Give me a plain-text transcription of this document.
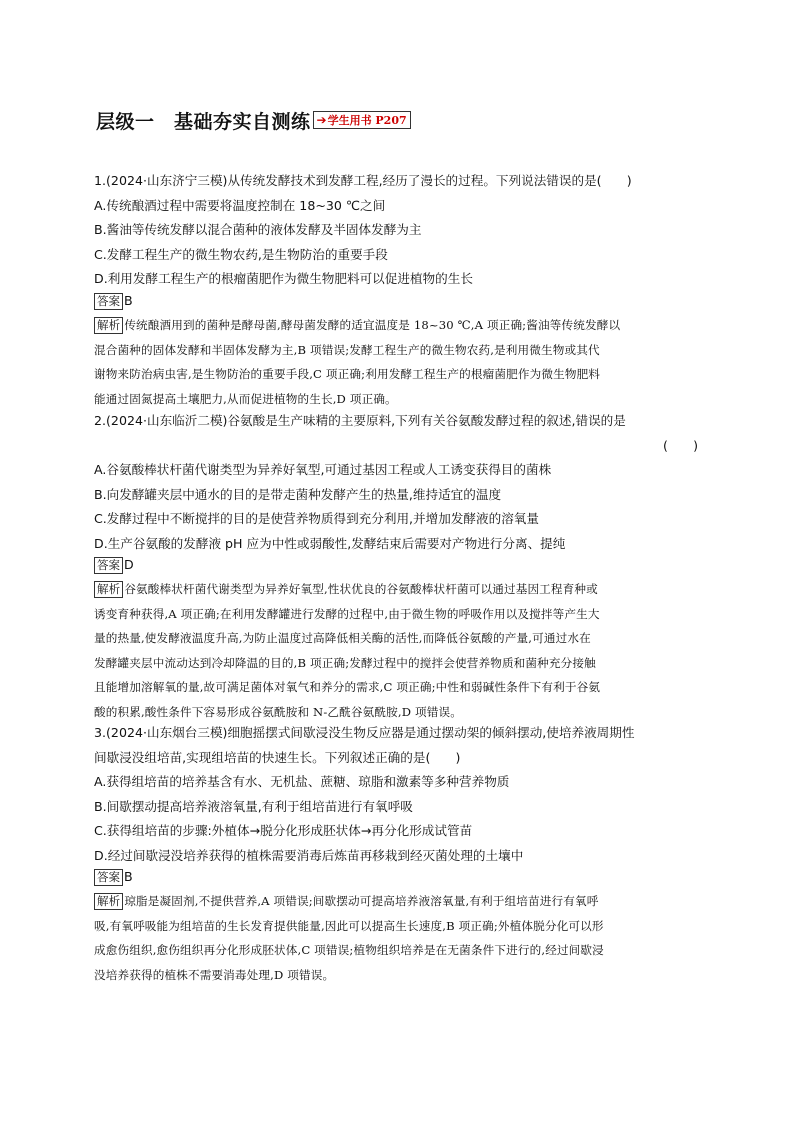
层级一　基础夯实自测练 ➔ 学生用书 P207
1.(2024·山东济宁三模)从传统发酵技术到发酵工程,经历了漫长的过程。下列说法错误的是(　　)
A.传统酿酒过程中需要将温度控制在 18~30 ℃之间
B.酱油等传统发酵以混合菌种的液体发酵及半固体发酵为主
C.发酵工程生产的微生物农药,是生物防治的重要手段
D.利用发酵工程生产的根瘤菌肥作为微生物肥料可以促进植物的生长
答案 B
解析 传统酿酒用到的菌种是酵母菌,酵母菌发酵的适宜温度是 18~30 ℃,A 项正确;酱油等传统发酵以
混合菌种的固体发酵和半固体发酵为主,B 项错误;发酵工程生产的微生物农药,是利用微生物或其代
谢物来防治病虫害,是生物防治的重要手段,C 项正确;利用发酵工程生产的根瘤菌肥作为微生物肥料
能通过固氮提高土壤肥力,从而促进植物的生长,D 项正确。
2.(2024·山东临沂二模)谷氨酸是生产味精的主要原料,下列有关谷氨酸发酵过程的叙述,错误的是
(　　)
A.谷氨酸棒状杆菌代谢类型为异养好氧型,可通过基因工程或人工诱变获得目的菌株
B.向发酵罐夹层中通水的目的是带走菌种发酵产生的热量,维持适宜的温度
C.发酵过程中不断搅拌的目的是使营养物质得到充分利用,并增加发酵液的溶氧量
D.生产谷氨酸的发酵液 pH 应为中性或弱酸性,发酵结束后需要对产物进行分离、提纯
答案 D
解析 谷氨酸棒状杆菌代谢类型为异养好氧型,性状优良的谷氨酸棒状杆菌可以通过基因工程育种或
诱变育种获得,A 项正确;在利用发酵罐进行发酵的过程中,由于微生物的呼吸作用以及搅拌等产生大
量的热量,使发酵液温度升高,为防止温度过高降低相关酶的活性,而降低谷氨酸的产量,可通过水在
发酵罐夹层中流动达到冷却降温的目的,B 项正确;发酵过程中的搅拌会使营养物质和菌种充分接触
且能增加溶解氧的量,故可满足菌体对氧气和养分的需求,C 项正确;中性和弱碱性条件下有利于谷氨
酸的积累,酸性条件下容易形成谷氨酰胺和 N-乙酰谷氨酰胺,D 项错误。
3.(2024·山东烟台三模)细胞摇摆式间歇浸没生物反应器是通过摆动架的倾斜摆动,使培养液周期性
间歇浸没组培苗,实现组培苗的快速生长。下列叙述正确的是(　　)
A.获得组培苗的培养基含有水、无机盐、蔗糖、琼脂和激素等多种营养物质
B.间歇摆动提高培养液溶氧量,有利于组培苗进行有氧呼吸
C.获得组培苗的步骤:外植体→脱分化形成胚状体→再分化形成试管苗
D.经过间歇浸没培养获得的植株需要消毒后炼苗再移栽到经灭菌处理的土壤中
答案 B
解析 琼脂是凝固剂,不提供营养,A 项错误;间歇摆动可提高培养液溶氧量,有利于组培苗进行有氧呼
吸,有氧呼吸能为组培苗的生长发育提供能量,因此可以提高生长速度,B 项正确;外植体脱分化可以形
成愈伤组织,愈伤组织再分化形成胚状体,C 项错误;植物组织培养是在无菌条件下进行的,经过间歇浸
没培养获得的植株不需要消毒处理,D 项错误。
